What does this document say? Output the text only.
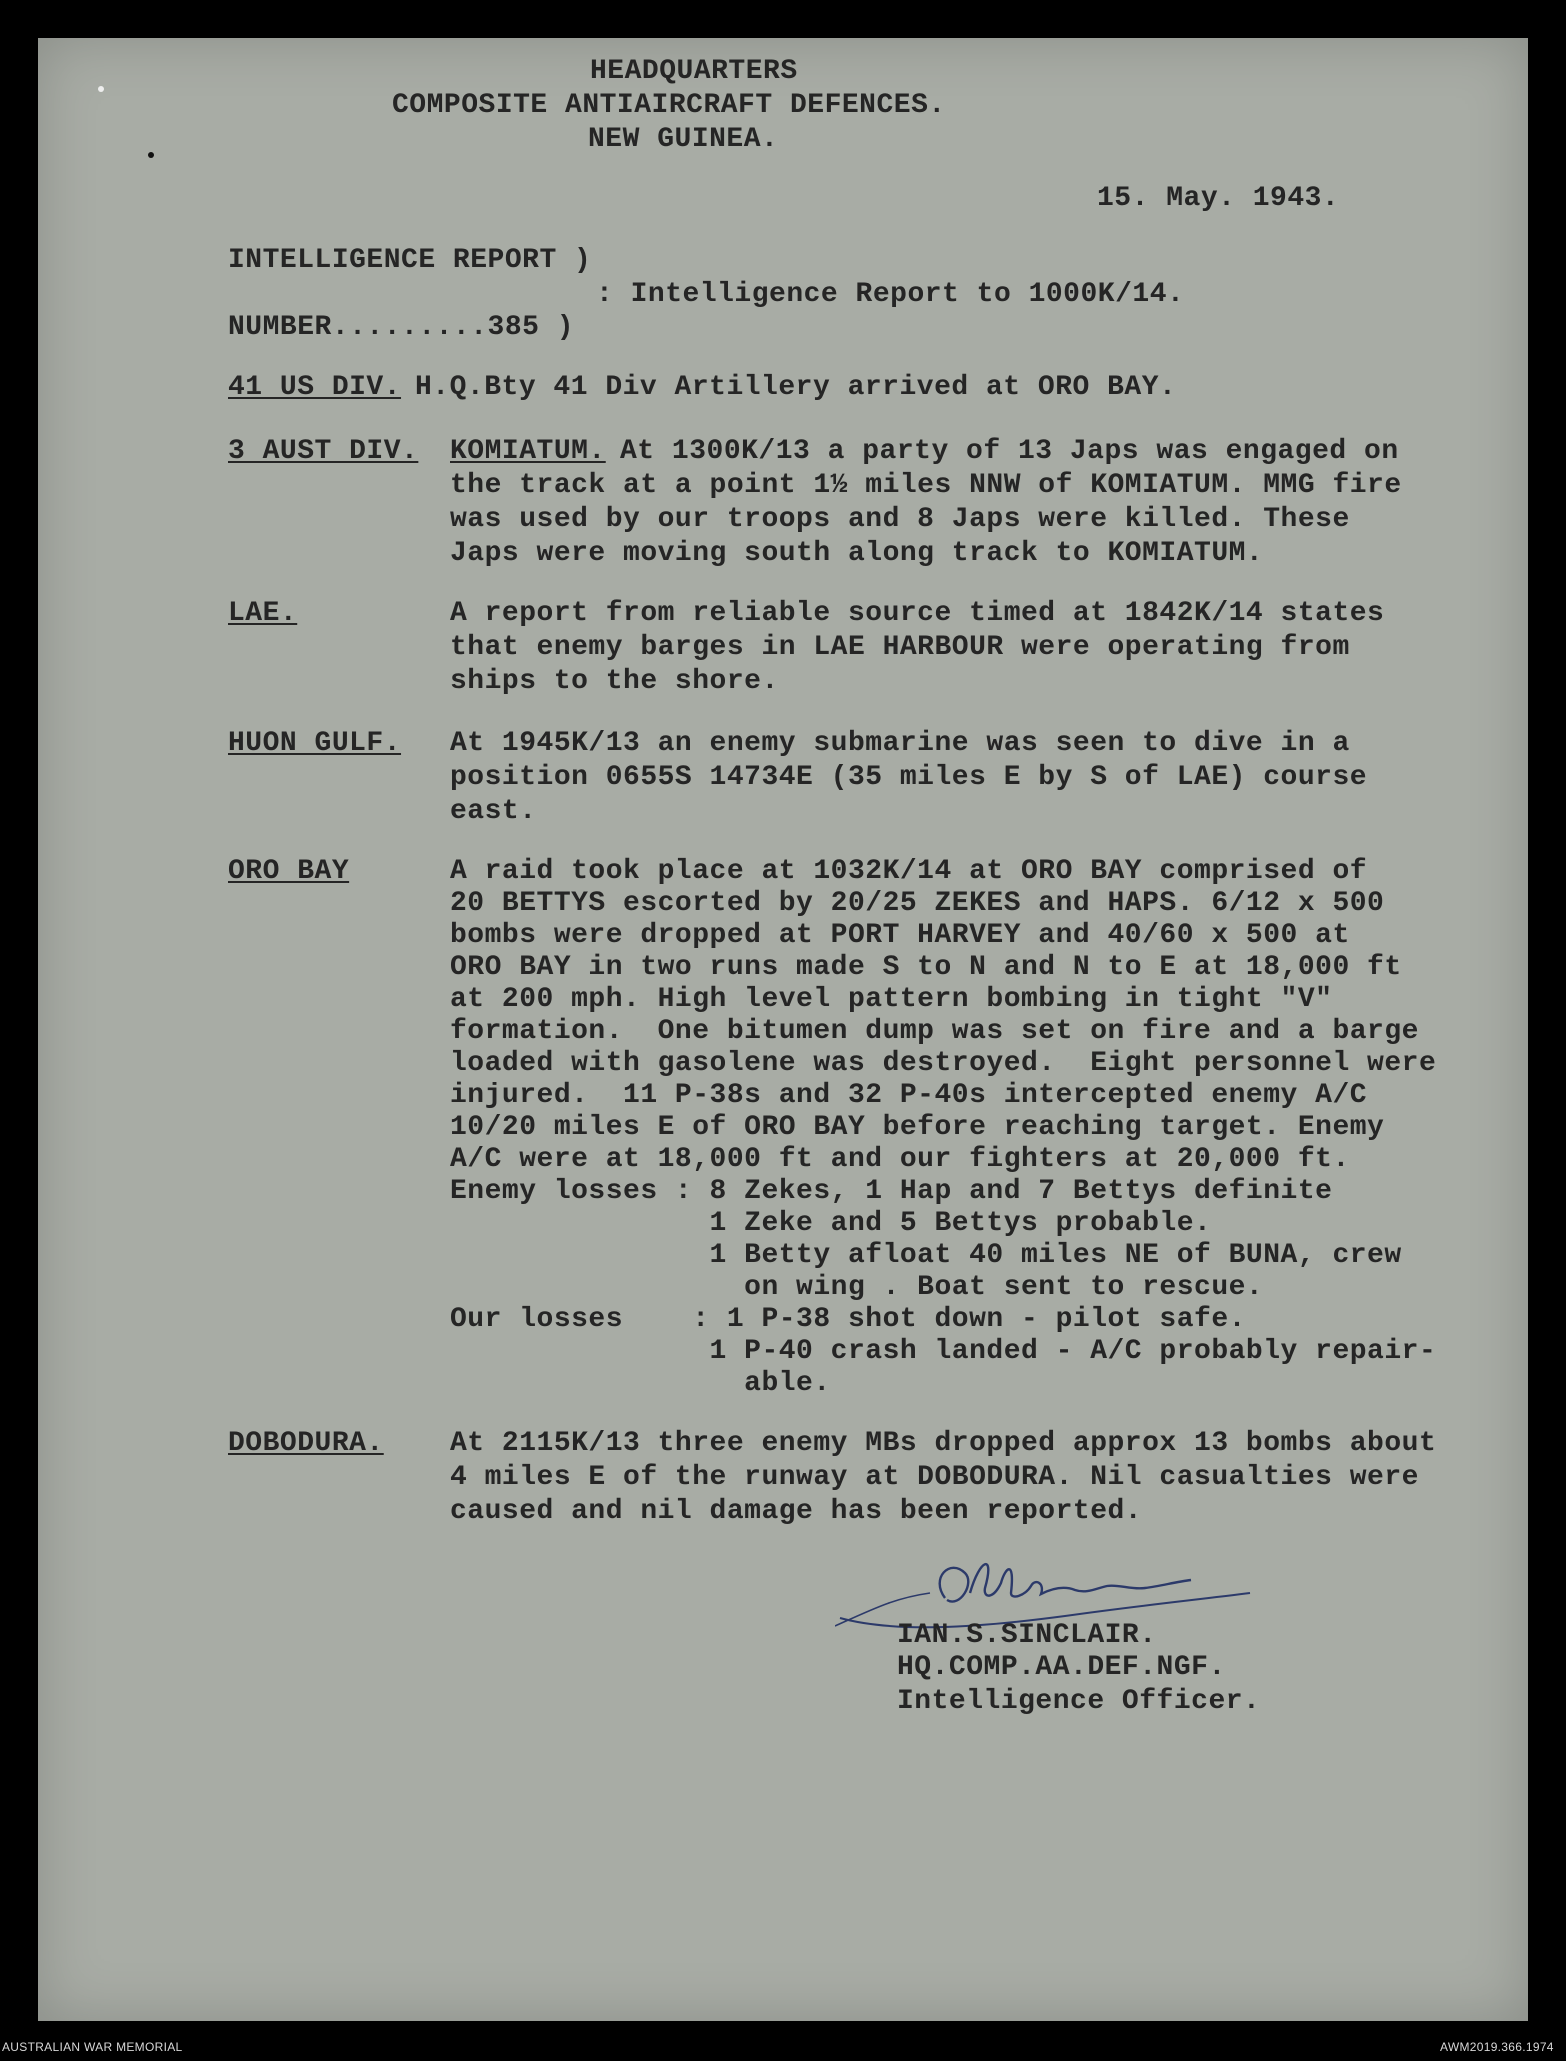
HEADQUARTERS
COMPOSITE ANTIAIRCRAFT DEFENCES.
NEW GUINEA.
15. May. 1943.
INTELLIGENCE REPORT )
NUMBER.........385 )
: Intelligence Report to 1000K/14.
41 US DIV. H.Q.Bty 41 Div Artillery arrived at ORO BAY.
3 AUST DIV. KOMIATUM. At 1300K/13 a party of 13 Japs was engaged on
the track at a point 1½ miles NNW of KOMIATUM. MMG fire
was used by our troops and 8 Japs were killed. These
Japs were moving south along track to KOMIATUM.
LAE.	A report from reliable source timed at 1842K/14 states
that enemy barges in LAE HARBOUR were operating from
ships to the shore.
HUON GULF. At 1945K/13 an enemy submarine was seen to dive in a
position 0655S 14734E (35 miles E by S of LAE) course
east.
ORO BAY	A raid took place at 1032K/14 at ORO BAY comprised of
20 BETTYS escorted by 20/25 ZEKES and HAPS. 6/12 x 500
bombs were dropped at PORT HARVEY and 40/60 x 500 at
ORO BAY in two runs made S to N and N to E at 18,000 ft
at 200 mph. High level pattern bombing in tight "V"
formation.  One bitumen dump was set on fire and a barge
loaded with gasolene was destroyed.  Eight personnel were
injured.  11 P-38s and 32 P-40s intercepted enemy A/C
10/20 miles E of ORO BAY before reaching target. Enemy
A/C were at 18,000 ft and our fighters at 20,000 ft.
Enemy losses : 8 Zekes, 1 Hap and 7 Bettys definite
1 Zeke and 5 Bettys probable.
1 Betty afloat 40 miles NE of BUNA, crew
on wing . Boat sent to rescue.
Our losses    : 1 P-38 shot down - pilot safe.
1 P-40 crash landed - A/C probably repair-
able.
DOBODURA. At 2115K/13 three enemy MBs dropped approx 13 bombs about
4 miles E of the runway at DOBODURA. Nil casualties were
caused and nil damage has been reported.
IAN.S.SINCLAIR.
HQ.COMP.AA.DEF.NGF.
Intelligence Officer.
AUSTRALIAN WAR MEMORIAL	AWM2019.366.1974
